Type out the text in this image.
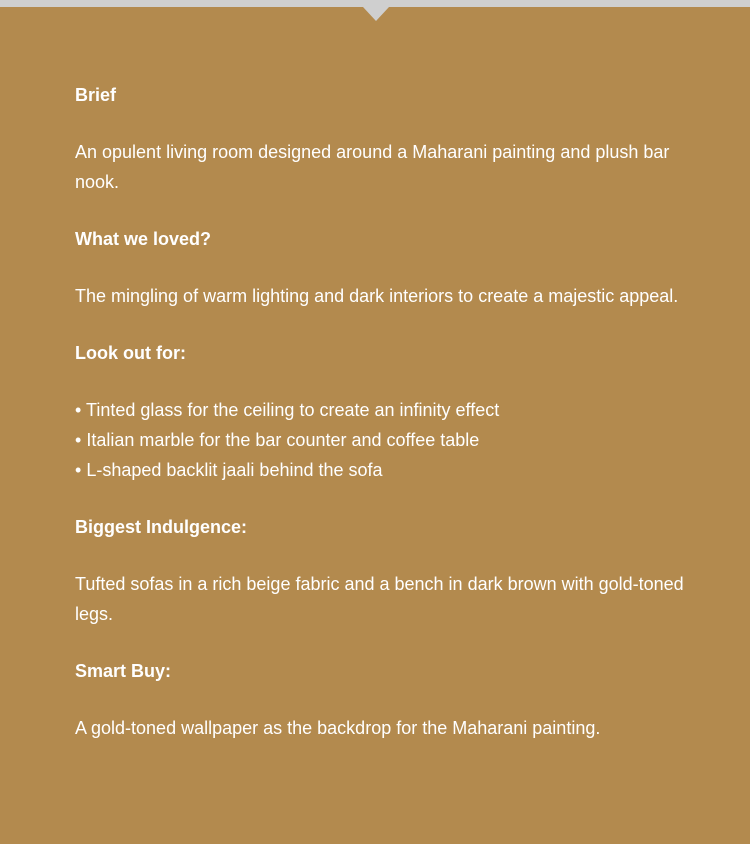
Brief

An opulent living room designed around a Maharani painting and plush bar nook.

What we loved?

The mingling of warm lighting and dark interiors to create a majestic appeal.

Look out for:

• Tinted glass for the ceiling to create an infinity effect
• Italian marble for the bar counter and coffee table
• L-shaped backlit jaali behind the sofa

Biggest Indulgence:

Tufted sofas in a rich beige fabric and a bench in dark brown with gold-toned legs.

Smart Buy:

A gold-toned wallpaper as the backdrop for the Maharani painting.
